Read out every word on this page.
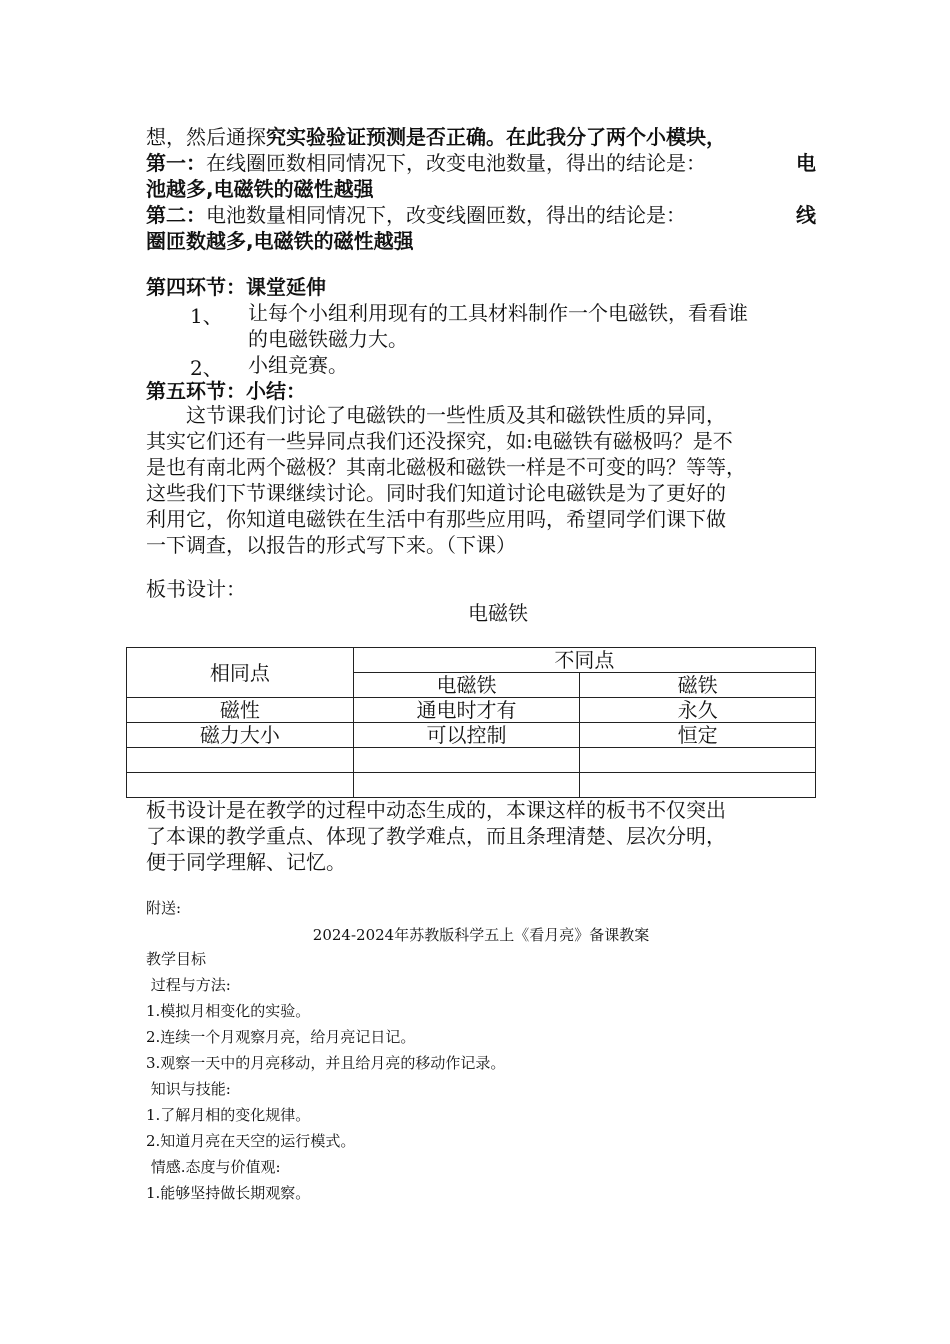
想，然后通探究实验验证预测是否正确。在此我分了两个小模块，
第一：在线圈匝数相同情况下，改变电池数量，得出的结论是：	电
池越多,电磁铁的磁性越强
第二：电池数量相同情况下，改变线圈匝数，得出的结论是：	线
圈匝数越多,电磁铁的磁性越强
第四环节：课堂延伸
1、 让每个小组利用现有的工具材料制作一个电磁铁，看看谁
的电磁铁磁力大。
2、 小组竞赛。
第五环节：小结：
这节课我们讨论了电磁铁的一些性质及其和磁铁性质的异同，
其实它们还有一些异同点我们还没探究，如:电磁铁有磁极吗？是不
是也有南北两个磁极？其南北磁极和磁铁一样是不可变的吗？等等，
这些我们下节课继续讨论。同时我们知道讨论电磁铁是为了更好的
利用它，你知道电磁铁在生活中有那些应用吗，希望同学们课下做
一下调查，以报告的形式写下来。（下课）
板书设计：
电磁铁
相同点	不同点	
	电磁铁	磁铁
磁性	通电时才有	永久
磁力大小	可以控制	恒定

板书设计是在教学的过程中动态生成的，本课这样的板书不仅突出
了本课的教学重点、体现了教学难点，而且条理清楚、层次分明，
便于同学理解、记忆。
附送:
2024-2024年苏教版科学五上《看月亮》备课教案
教学目标
过程与方法:
1.模拟月相变化的实验。
2.连续一个月观察月亮，给月亮记日记。
3.观察一天中的月亮移动，并且给月亮的移动作记录。
知识与技能:
1.了解月相的变化规律。
2.知道月亮在天空的运行模式。
情感.态度与价值观:
1.能够坚持做长期观察。
